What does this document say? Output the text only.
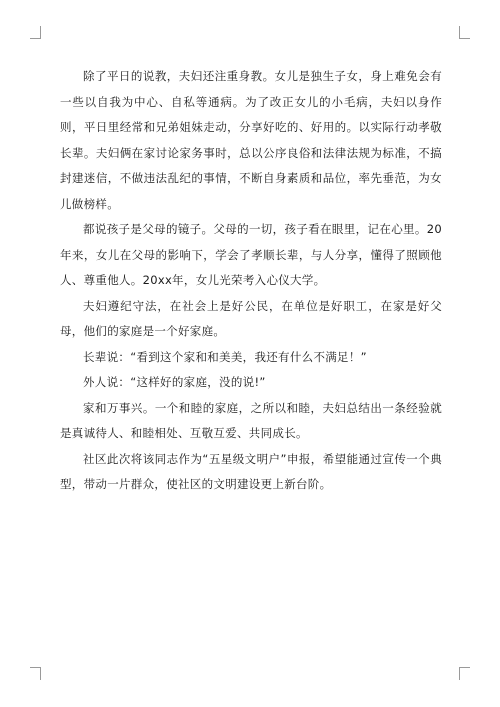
除了平日的说教，夫妇还注重身教。女儿是独生子女，身上难免会有一些以自我为中心、自私等通病。为了改正女儿的小毛病，夫妇以身作则，平日里经常和兄弟姐妹走动，分享好吃的、好用的。以实际行动孝敬长辈。夫妇俩在家讨论家务事时，总以公序良俗和法律法规为标准，不搞封建迷信，不做违法乱纪的事情，不断自身素质和品位，率先垂范，为女儿做榜样。

都说孩子是父母的镜子。父母的一切，孩子看在眼里，记在心里。20年来，女儿在父母的影响下，学会了孝顺长辈，与人分享，懂得了照顾他人、尊重他人。20xx年，女儿光荣考入心仪大学。

夫妇遵纪守法，在社会上是好公民，在单位是好职工，在家是好父母，他们的家庭是一个好家庭。

长辈说：“看到这个家和和美美，我还有什么不满足！”

外人说：“这样好的家庭，没的说!”

家和万事兴。一个和睦的家庭，之所以和睦，夫妇总结出一条经验就是真诚待人、和睦相处、互敬互爱、共同成长。

社区此次将该同志作为“五星级文明户”申报，希望能通过宣传一个典型，带动一片群众，使社区的文明建设更上新台阶。
